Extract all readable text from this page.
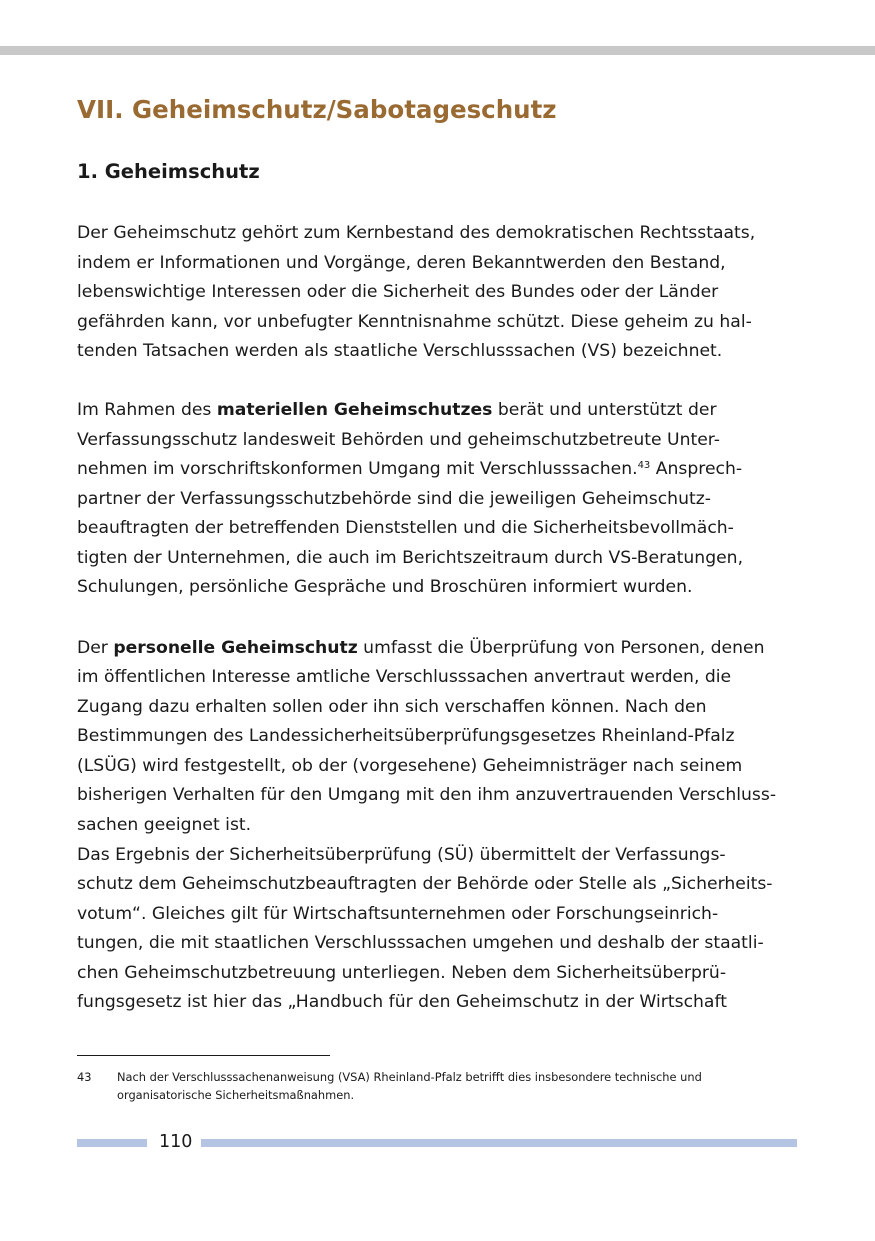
VII. Geheimschutz/Sabotageschutz
1. Geheimschutz

Der Geheimschutz gehört zum Kernbestand des demokratischen Rechtsstaats,

indem er Informationen und Vorgänge, deren Bekanntwerden den Bestand,

lebenswichtige Interessen oder die Sicherheit des Bundes oder der Länder

gefährden kann, vor unbefugter Kenntnisnahme schützt. Diese geheim zu hal-

tenden Tatsachen werden als staatliche Verschlusssachen (VS) bezeichnet.

Im Rahmen des materiellen Geheimschutzes berät und unterstützt der

Verfassungsschutz landesweit Behörden und geheimschutzbetreute Unter-

nehmen im vorschriftskonformen Umgang mit Verschlusssachen.$^{43}$ Ansprech-

partner der Verfassungsschutzbehörde sind die jeweiligen Geheimschutz-

beauftragten der betreffenden Dienststellen und die Sicherheitsbevollmäch-

tigten der Unternehmen, die auch im Berichtszeitraum durch VS-Beratungen,

Schulungen, persönliche Gespräche und Broschüren informiert wurden.

Der personelle Geheimschutz umfasst die Überprüfung von Personen, denen

im öffentlichen Interesse amtliche Verschlusssachen anvertraut werden, die

Zugang dazu erhalten sollen oder ihn sich verschaffen können. Nach den

Bestimmungen des Landessicherheitsüberprüfungsgesetzes Rheinland-Pfalz

(LSÜG) wird festgestellt, ob der (vorgesehene) Geheimnisträger nach seinem

bisherigen Verhalten für den Umgang mit den ihm anzuvertrauenden Verschluss-

sachen geeignet ist.

Das Ergebnis der Sicherheitsüberprüfung (SÜ) übermittelt der Verfassungs-

schutz dem Geheimschutzbeauftragten der Behörde oder Stelle als „Sicherheits-

votum“. Gleiches gilt für Wirtschaftsunternehmen oder Forschungseinrich-

tungen, die mit staatlichen Verschlusssachen umgehen und deshalb der staatli-

chen Geheimschutzbetreuung unterliegen. Neben dem Sicherheitsüberprü-

fungsgesetz ist hier das „Handbuch für den Geheimschutz in der Wirtschaft

43 Nach der Verschlusssachenanweisung (VSA) Rheinland-Pfalz betrifft dies insbesondere technische und
organisatorische Sicherheitsmaßnahmen.
110
